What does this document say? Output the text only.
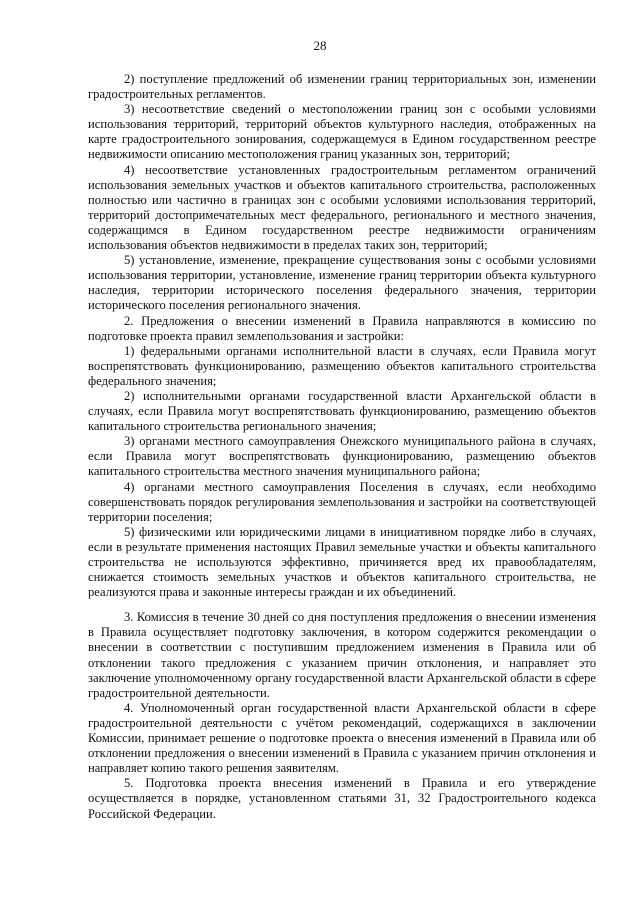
28

2) поступление предложений об изменении границ территориальных зон, изменении градостроительных регламентов.

3) несоответствие сведений о местоположении границ зон с особыми условиями использования территорий, территорий объектов культурного наследия, отображенных на карте градостроительного зонирования, содержащемуся в Едином государственном реестре недвижимости описанию местоположения границ указанных зон, территорий;

4) несоответствие установленных градостроительным регламентом ограничений использования земельных участков и объектов капитального строительства, расположенных полностью или частично в границах зон с особыми условиями использования территорий, территорий достопримечательных мест федерального, регионального и местного значения, содержащимся в Едином государственном реестре недвижимости ограничениям использования объектов недвижимости в пределах таких зон, территорий;

5) установление, изменение, прекращение существования зоны с особыми условиями использования территории, установление, изменение границ территории объекта культурного наследия, территории исторического поселения федерального значения, территории исторического поселения регионального значения.

2. Предложения о внесении изменений в Правила направляются в комиссию по подготовке проекта правил землепользования и застройки:

1) федеральными органами исполнительной власти в случаях, если Правила могут воспрепятствовать функционированию, размещению объектов капитального строительства федерального значения;

2) исполнительными органами государственной власти Архангельской области в случаях, если Правила могут воспрепятствовать функционированию, размещению объектов капитального строительства регионального значения;

3) органами местного самоуправления Онежского муниципального района в случаях, если Правила могут воспрепятствовать функционированию, размещению объектов капитального строительства местного значения муниципального района;

4) органами местного самоуправления Поселения в случаях, если необходимо совершенствовать порядок регулирования землепользования и застройки на соответствующей территории поселения;

5) физическими или юридическими лицами в инициативном порядке либо в случаях, если в результате применения настоящих Правил земельные участки и объекты капитального строительства не используются эффективно, причиняется вред их правообладателям, снижается стоимость земельных участков и объектов капитального строительства, не реализуются права и законные интересы граждан и их объединений.

3. Комиссия в течение 30 дней со дня поступления предложения о внесении изменения в Правила осуществляет подготовку заключения, в котором содержится рекомендации о внесении в соответствии с поступившим предложением изменения в Правила или об отклонении такого предложения с указанием причин отклонения, и направляет это заключение уполномоченному органу государственной власти Архангельской области в сфере градостроительной деятельности.

4. Уполномоченный орган государственной власти Архангельской области в сфере градостроительной деятельности с учётом рекомендаций, содержащихся в заключении Комиссии, принимает решение о подготовке проекта о внесения изменений в Правила или об отклонении предложения о внесении изменений в Правила с указанием причин отклонения и направляет копию такого решения заявителям.

5. Подготовка проекта внесения изменений в Правила и его утверждение осуществляется в порядке, установленном статьями 31, 32 Градостроительного кодекса Российской Федерации.
